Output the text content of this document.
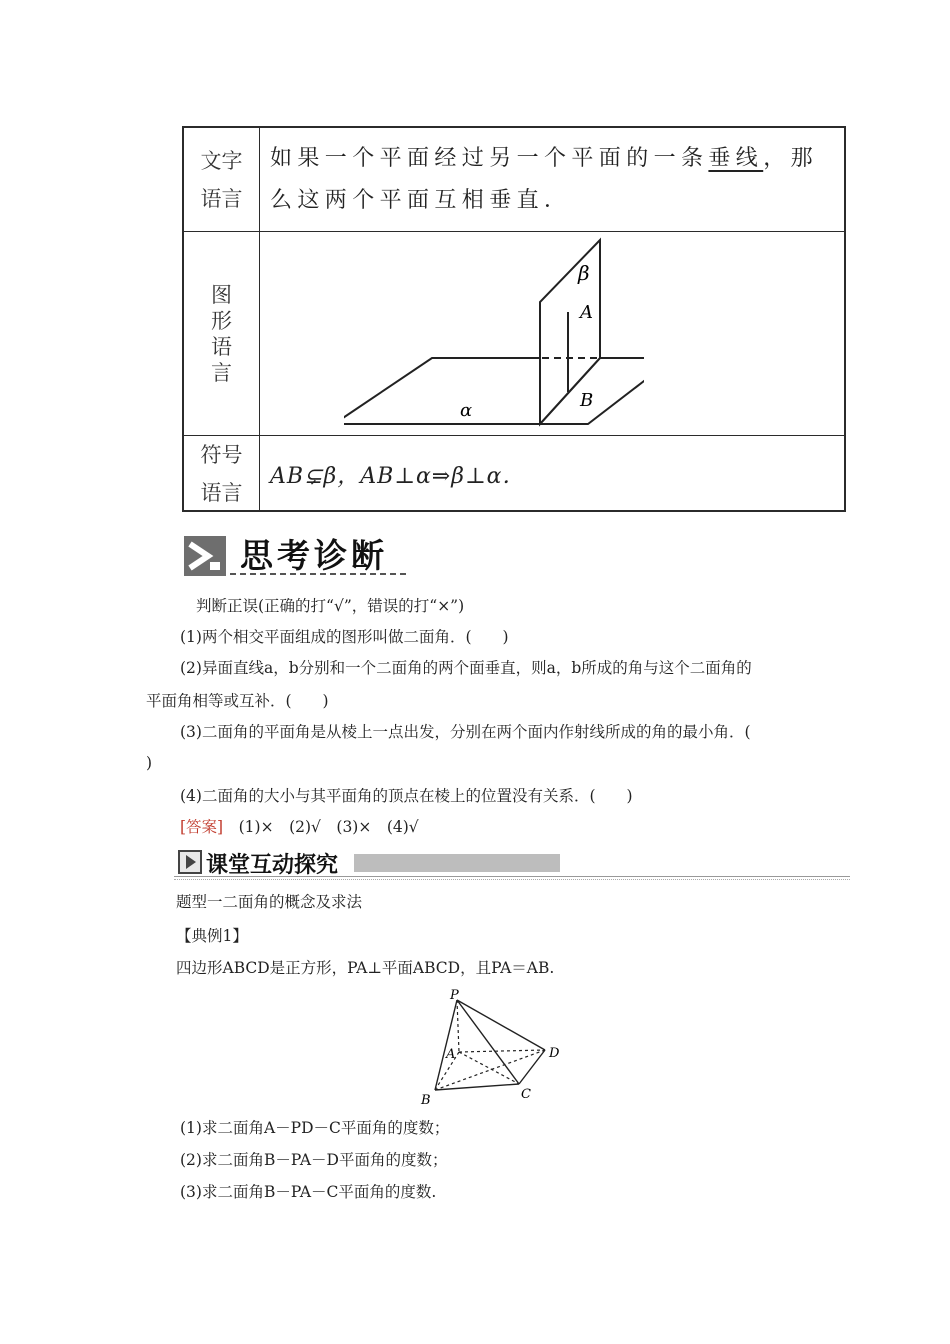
文字
语言
如果一个平面经过另一个平面的一条垂线，那么这两个平面互相垂直．
图
形
语
言
β
A
B
α
符号
语言
AB⊊β，AB⊥α⇒β⊥α．
思考诊断
判断正误(正确的打“√”，错误的打“×”)
(1)两个相交平面组成的图形叫做二面角．(　　)
(2)异面直线a，b分别和一个二面角的两个面垂直，则a，b所成的角与这个二面角的
平面角相等或互补．(　　)
(3)二面角的平面角是从棱上一点出发，分别在两个面内作射线所成的角的最小角．(
)
(4)二面角的大小与其平面角的顶点在棱上的位置没有关系．(　　)
[答案]　 (1)×　(2)√　(3)×　(4)√
课堂互动探究
题型一二面角的概念及求法
【典例1】
四边形ABCD是正方形，PA⊥平面ABCD，且PA＝AB.
P
A
B	C
D
(1)求二面角A－PD－C平面角的度数；
(2)求二面角B－PA－D平面角的度数；
(3)求二面角B－PA－C平面角的度数.
